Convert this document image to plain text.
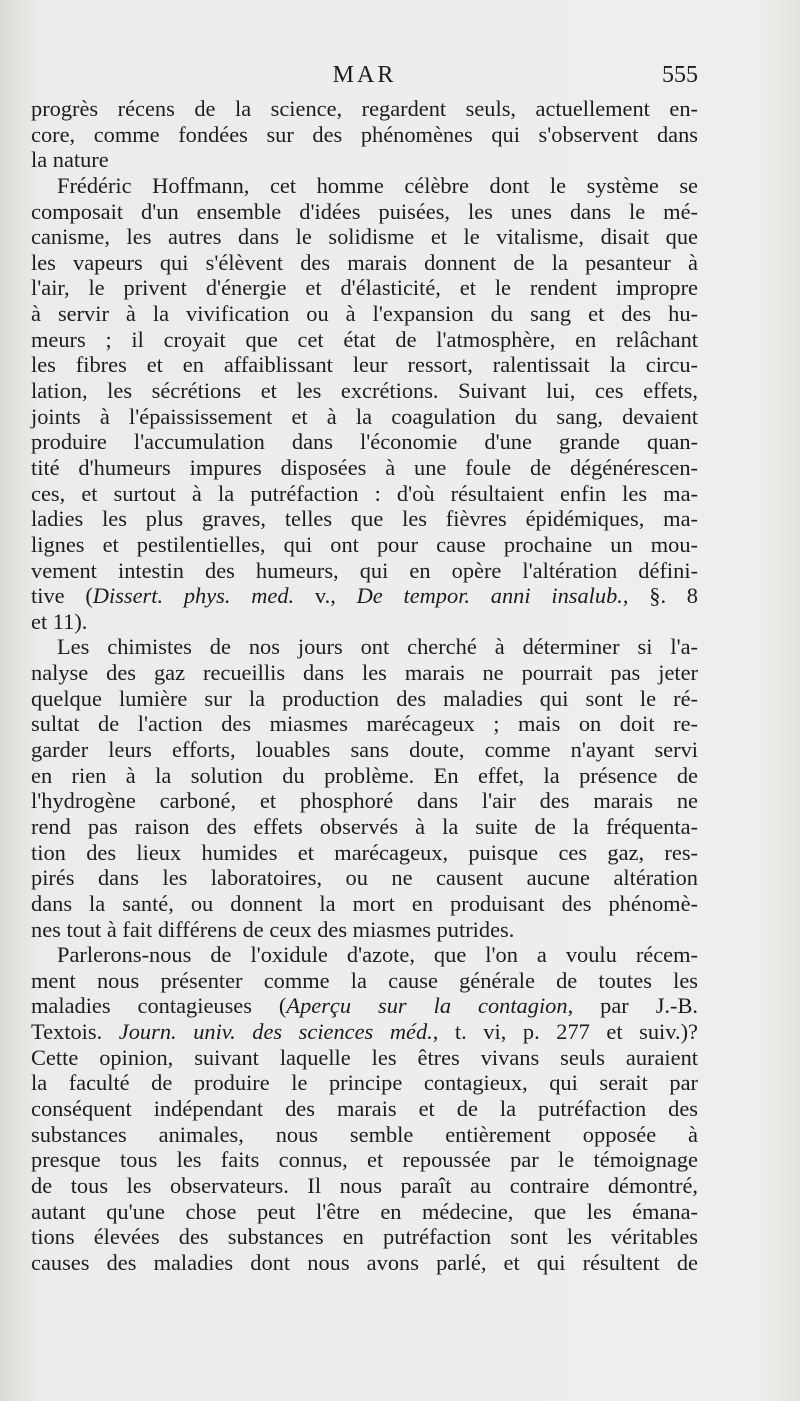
MAR	555
progrès récens de la science, regardent seuls, actuellement en-
core, comme fondées sur des phénomènes qui s'observent dans
la nature
Frédéric Hoffmann, cet homme célèbre dont le système se
composait d'un ensemble d'idées puisées, les unes dans le mé-
canisme, les autres dans le solidisme et le vitalisme, disait que
les vapeurs qui s'élèvent des marais donnent de la pesanteur à
l'air, le privent d'énergie et d'élasticité, et le rendent impropre
à servir à la vivification ou à l'expansion du sang et des hu-
meurs ; il croyait que cet état de l'atmosphère, en relâchant
les fibres et en affaiblissant leur ressort, ralentissait la circu-
lation, les sécrétions et les excrétions. Suivant lui, ces effets,
joints à l'épaississement et à la coagulation du sang, devaient
produire l'accumulation dans l'économie d'une grande quan-
tité d'humeurs impures disposées à une foule de dégénérescen-
ces, et surtout à la putréfaction : d'où résultaient enfin les ma-
ladies les plus graves, telles que les fièvres épidémiques, ma-
lignes et pestilentielles, qui ont pour cause prochaine un mou-
vement intestin des humeurs, qui en opère l'altération défini-
tive (Dissert. phys. med. v., De tempor. anni insalub., §. 8
et 11).
Les chimistes de nos jours ont cherché à déterminer si l'a-
nalyse des gaz recueillis dans les marais ne pourrait pas jeter
quelque lumière sur la production des maladies qui sont le ré-
sultat de l'action des miasmes marécageux ; mais on doit re-
garder leurs efforts, louables sans doute, comme n'ayant servi
en rien à la solution du problème. En effet, la présence de
l'hydrogène carboné, et phosphoré dans l'air des marais ne
rend pas raison des effets observés à la suite de la fréquenta-
tion des lieux humides et marécageux, puisque ces gaz, res-
pirés dans les laboratoires, ou ne causent aucune altération
dans la santé, ou donnent la mort en produisant des phénomè-
nes tout à fait différens de ceux des miasmes putrides.
Parlerons-nous de l'oxidule d'azote, que l'on a voulu récem-
ment nous présenter comme la cause générale de toutes les
maladies contagieuses (Aperçu sur la contagion, par J.-B.
Textois. Journ. univ. des sciences méd., t. vi, p. 277 et suiv.)?
Cette opinion, suivant laquelle les êtres vivans seuls auraient
la faculté de produire le principe contagieux, qui serait par
conséquent indépendant des marais et de la putréfaction des
substances animales, nous semble entièrement opposée à
presque tous les faits connus, et repoussée par le témoignage
de tous les observateurs. Il nous paraît au contraire démontré,
autant qu'une chose peut l'être en médecine, que les émana-
tions élevées des substances en putréfaction sont les véritables
causes des maladies dont nous avons parlé, et qui résultent de
